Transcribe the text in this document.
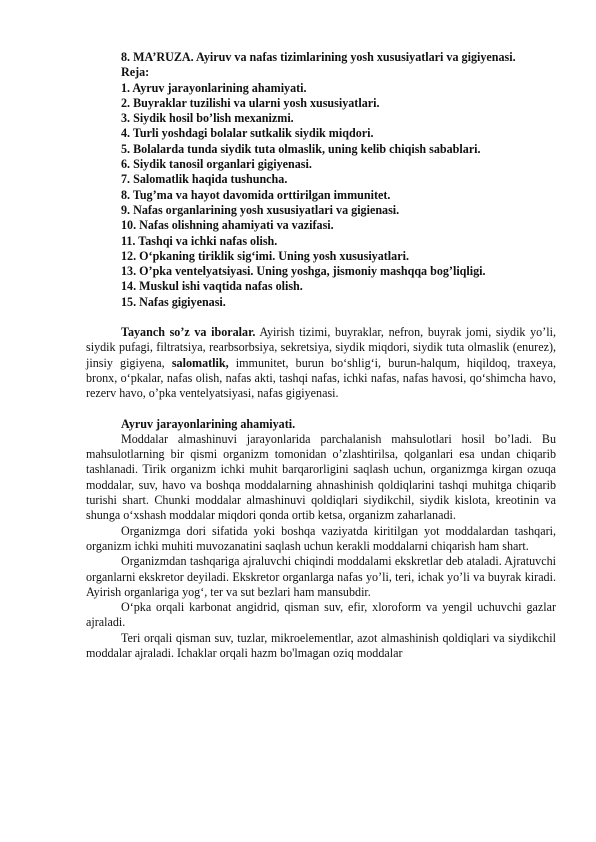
8. MA’RUZA. Ayiruv va nafas tizimlarining yosh xususiyatlari va gigiyenasi.

Reja:
1. Ayruv jarayonlarining ahamiyati.
2. Buyraklar tuzilishi va ularni yosh xususiyatlari.
3. Siydik hosil bo’lish mexanizmi.
4. Turli yoshdagi bolalar sutkalik siydik miqdori.
5. Bolalarda tunda siydik tuta olmaslik, uning kelib chiqish sabablari.
6. Siydik tanosil organlari gigiyenasi.
7. Salomatlik haqida tushuncha.
8. Tug’ma va hayot davomida orttirilgan immunitet.
9. Nafas organlarining yosh xususiyatlari va gigienasi.
10. Nafas olishning ahamiyati va vazifasi.
11. Tashqi va ichki nafas olish.
12. O‘pkaning tiriklik sig‘imi. Uning yosh xususiyatlari.
13. O’pka ventelyatsiyasi. Uning yoshga, jismoniy mashqqa bog’liqligi.
14. Muskul ishi vaqtida nafas olish.
15. Nafas gigiyenasi.

Tayanch so’z va iboralar. Ayirish tizimi, buyraklar, nefron, buyrak jomi, siydik yo’li, siydik pufagi, filtratsiya, rearbsorbsiya, sekretsiya, siydik miqdori, siydik tuta olmaslik (enurez), jinsiy gigiyena, salomatlik, immunitet, burun bo‘shlig‘i, burun-halqum, hiqildoq, traxeya, bronx, o‘pkalar, nafas olish, nafas akti, tashqi nafas, ichki nafas, nafas havosi, qo‘shimcha havo, rezerv havo, o’pka ventelyatsiyasi, nafas gigiyenasi.

Ayruv jarayonlarining ahamiyati.

Moddalar almashinuvi jarayonlarida parchalanish mahsulotlari hosil bo’ladi. Bu mahsulotlarning bir qismi organizm tomonidan o’zlashtirilsa, qolganlari esa undan chiqarib tashlanadi. Tirik organizm ichki muhit barqarorligini saqlash uchun, organizmga kirgan ozuqa moddalar, suv, havo va boshqa moddalarning ahnashinish qoldiqlarini tashqi muhitga chiqarib turishi shart. Chunki moddalar almashinuvi qoldiqlari siydikchil, siydik kislota, kreotinin va shunga o‘xshash moddalar miqdori qonda ortib ketsa, organizm zaharlanadi.

Organizmga dori sifatida yoki boshqa vaziyatda kiritilgan yot moddalardan tashqari, organizm ichki muhiti muvozanatini saqlash uchun kerakli moddalarni chiqarish ham shart.

Organizmdan tashqariga ajraluvchi chiqindi moddalami ekskretlar deb ataladi. Ajratuvchi organlarni ekskretor deyiladi. Ekskretor organlarga nafas yo’li, teri, ichak yo’li va buyrak kiradi. Ayirish organlariga yog‘, ter va sut bezlari ham mansubdir.

O‘pka orqali karbonat angidrid, qisman suv, efir, xloroform va yengil uchuvchi gazlar ajraladi.

Teri orqali qisman suv, tuzlar, mikroelementlar, azot almashinish qoldiqlari va siydikchil moddalar ajraladi. Ichaklar orqali hazm bo'lmagan oziq moddalar
